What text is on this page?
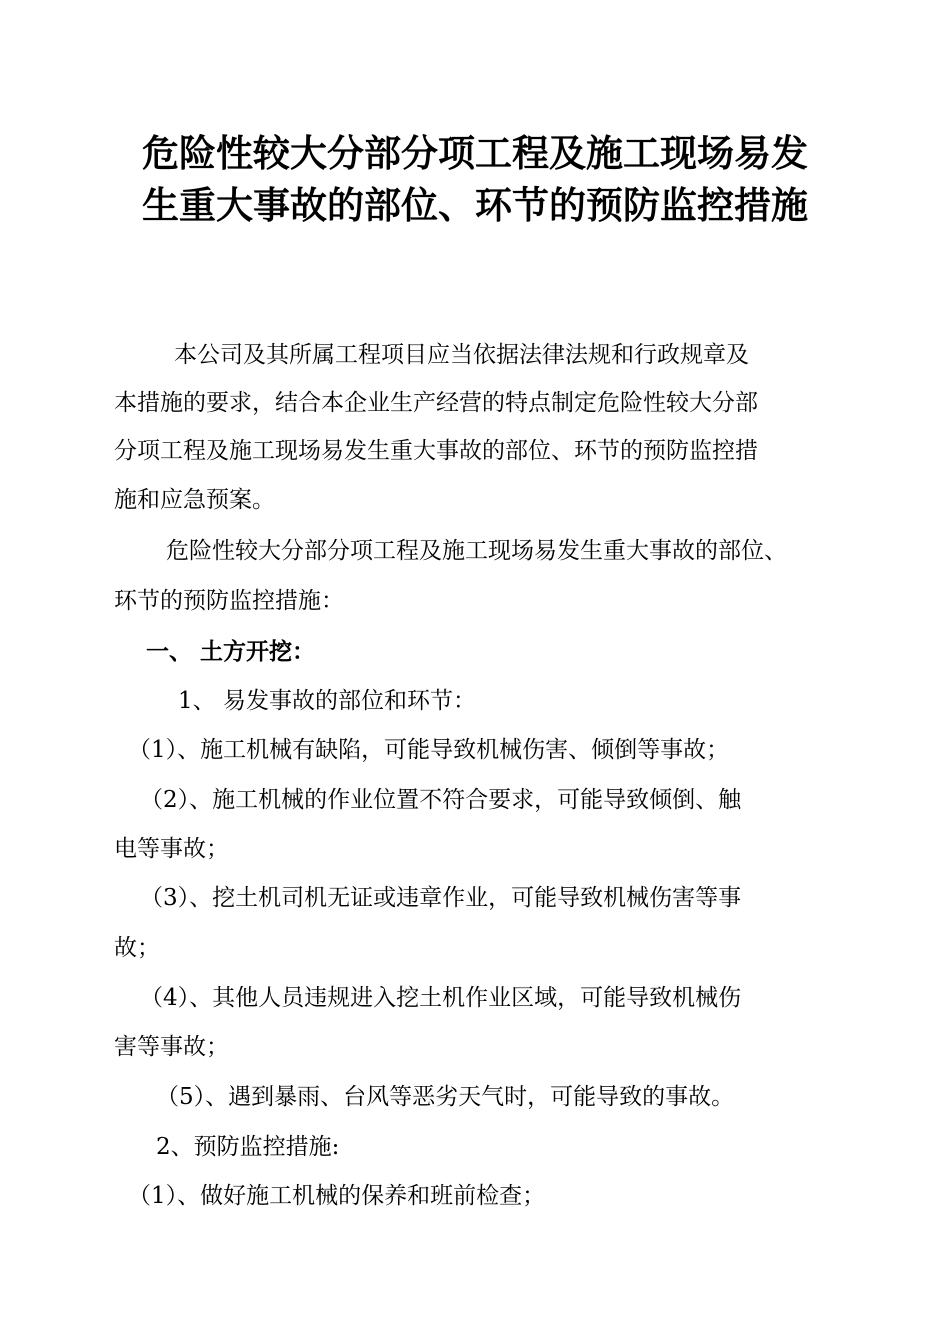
危险性较大分部分项工程及施工现场易发
生重大事故的部位、环节的预防监控措施
本公司及其所属工程项目应当依据法律法规和行政规章及
本措施的要求，结合本企业生产经营的特点制定危险性较大分部
分项工程及施工现场易发生重大事故的部位、环节的预防监控措
施和应急预案。
危险性较大分部分项工程及施工现场易发生重大事故的部位、
环节的预防监控措施：
一、 土方开挖：
1、 易发事故的部位和环节：
（1）、施工机械有缺陷，可能导致机械伤害、倾倒等事故；
（2）、施工机械的作业位置不符合要求，可能导致倾倒、触
电等事故；
（3）、挖土机司机无证或违章作业，可能导致机械伤害等事
故；
（4）、其他人员违规进入挖土机作业区域，可能导致机械伤
害等事故；
（5）、遇到暴雨、台风等恶劣天气时，可能导致的事故。
2、预防监控措施:
（1）、做好施工机械的保养和班前检查；
